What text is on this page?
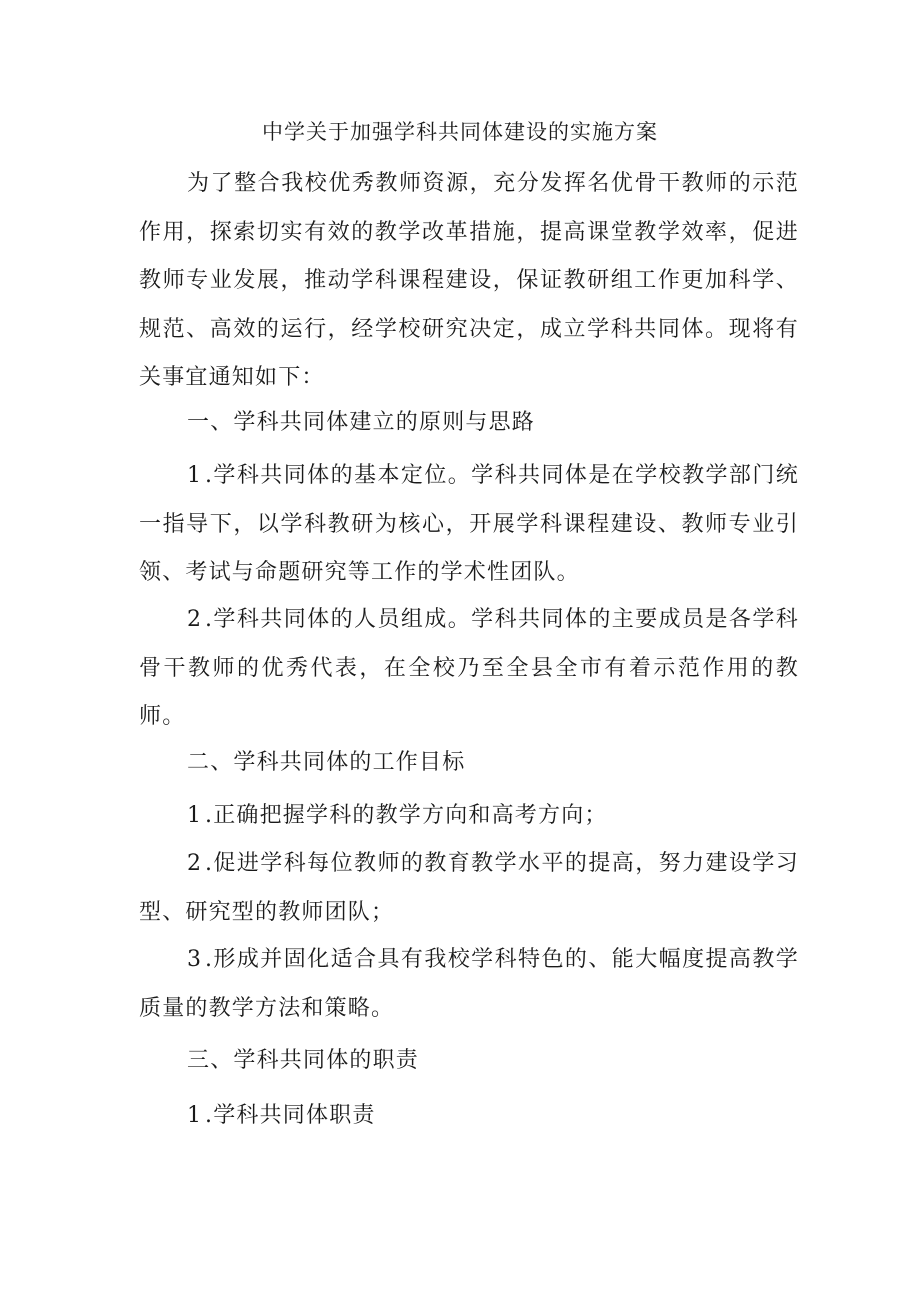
中学关于加强学科共同体建设的实施方案

为了整合我校优秀教师资源，充分发挥名优骨干教师的示范作用，探索切实有效的教学改革措施，提高课堂教学效率，促进教师专业发展，推动学科课程建设，保证教研组工作更加科学、规范、高效的运行，经学校研究决定，成立学科共同体。现将有关事宜通知如下：

一、学科共同体建立的原则与思路

1.学科共同体的基本定位。学科共同体是在学校教学部门统一指导下，以学科教研为核心，开展学科课程建设、教师专业引领、考试与命题研究等工作的学术性团队。

2.学科共同体的人员组成。学科共同体的主要成员是各学科骨干教师的优秀代表，在全校乃至全县全市有着示范作用的教师。

二、学科共同体的工作目标

1.正确把握学科的教学方向和高考方向；

2.促进学科每位教师的教育教学水平的提高，努力建设学习型、研究型的教师团队；

3.形成并固化适合具有我校学科特色的、能大幅度提高教学质量的教学方法和策略。

三、学科共同体的职责

1.学科共同体职责
